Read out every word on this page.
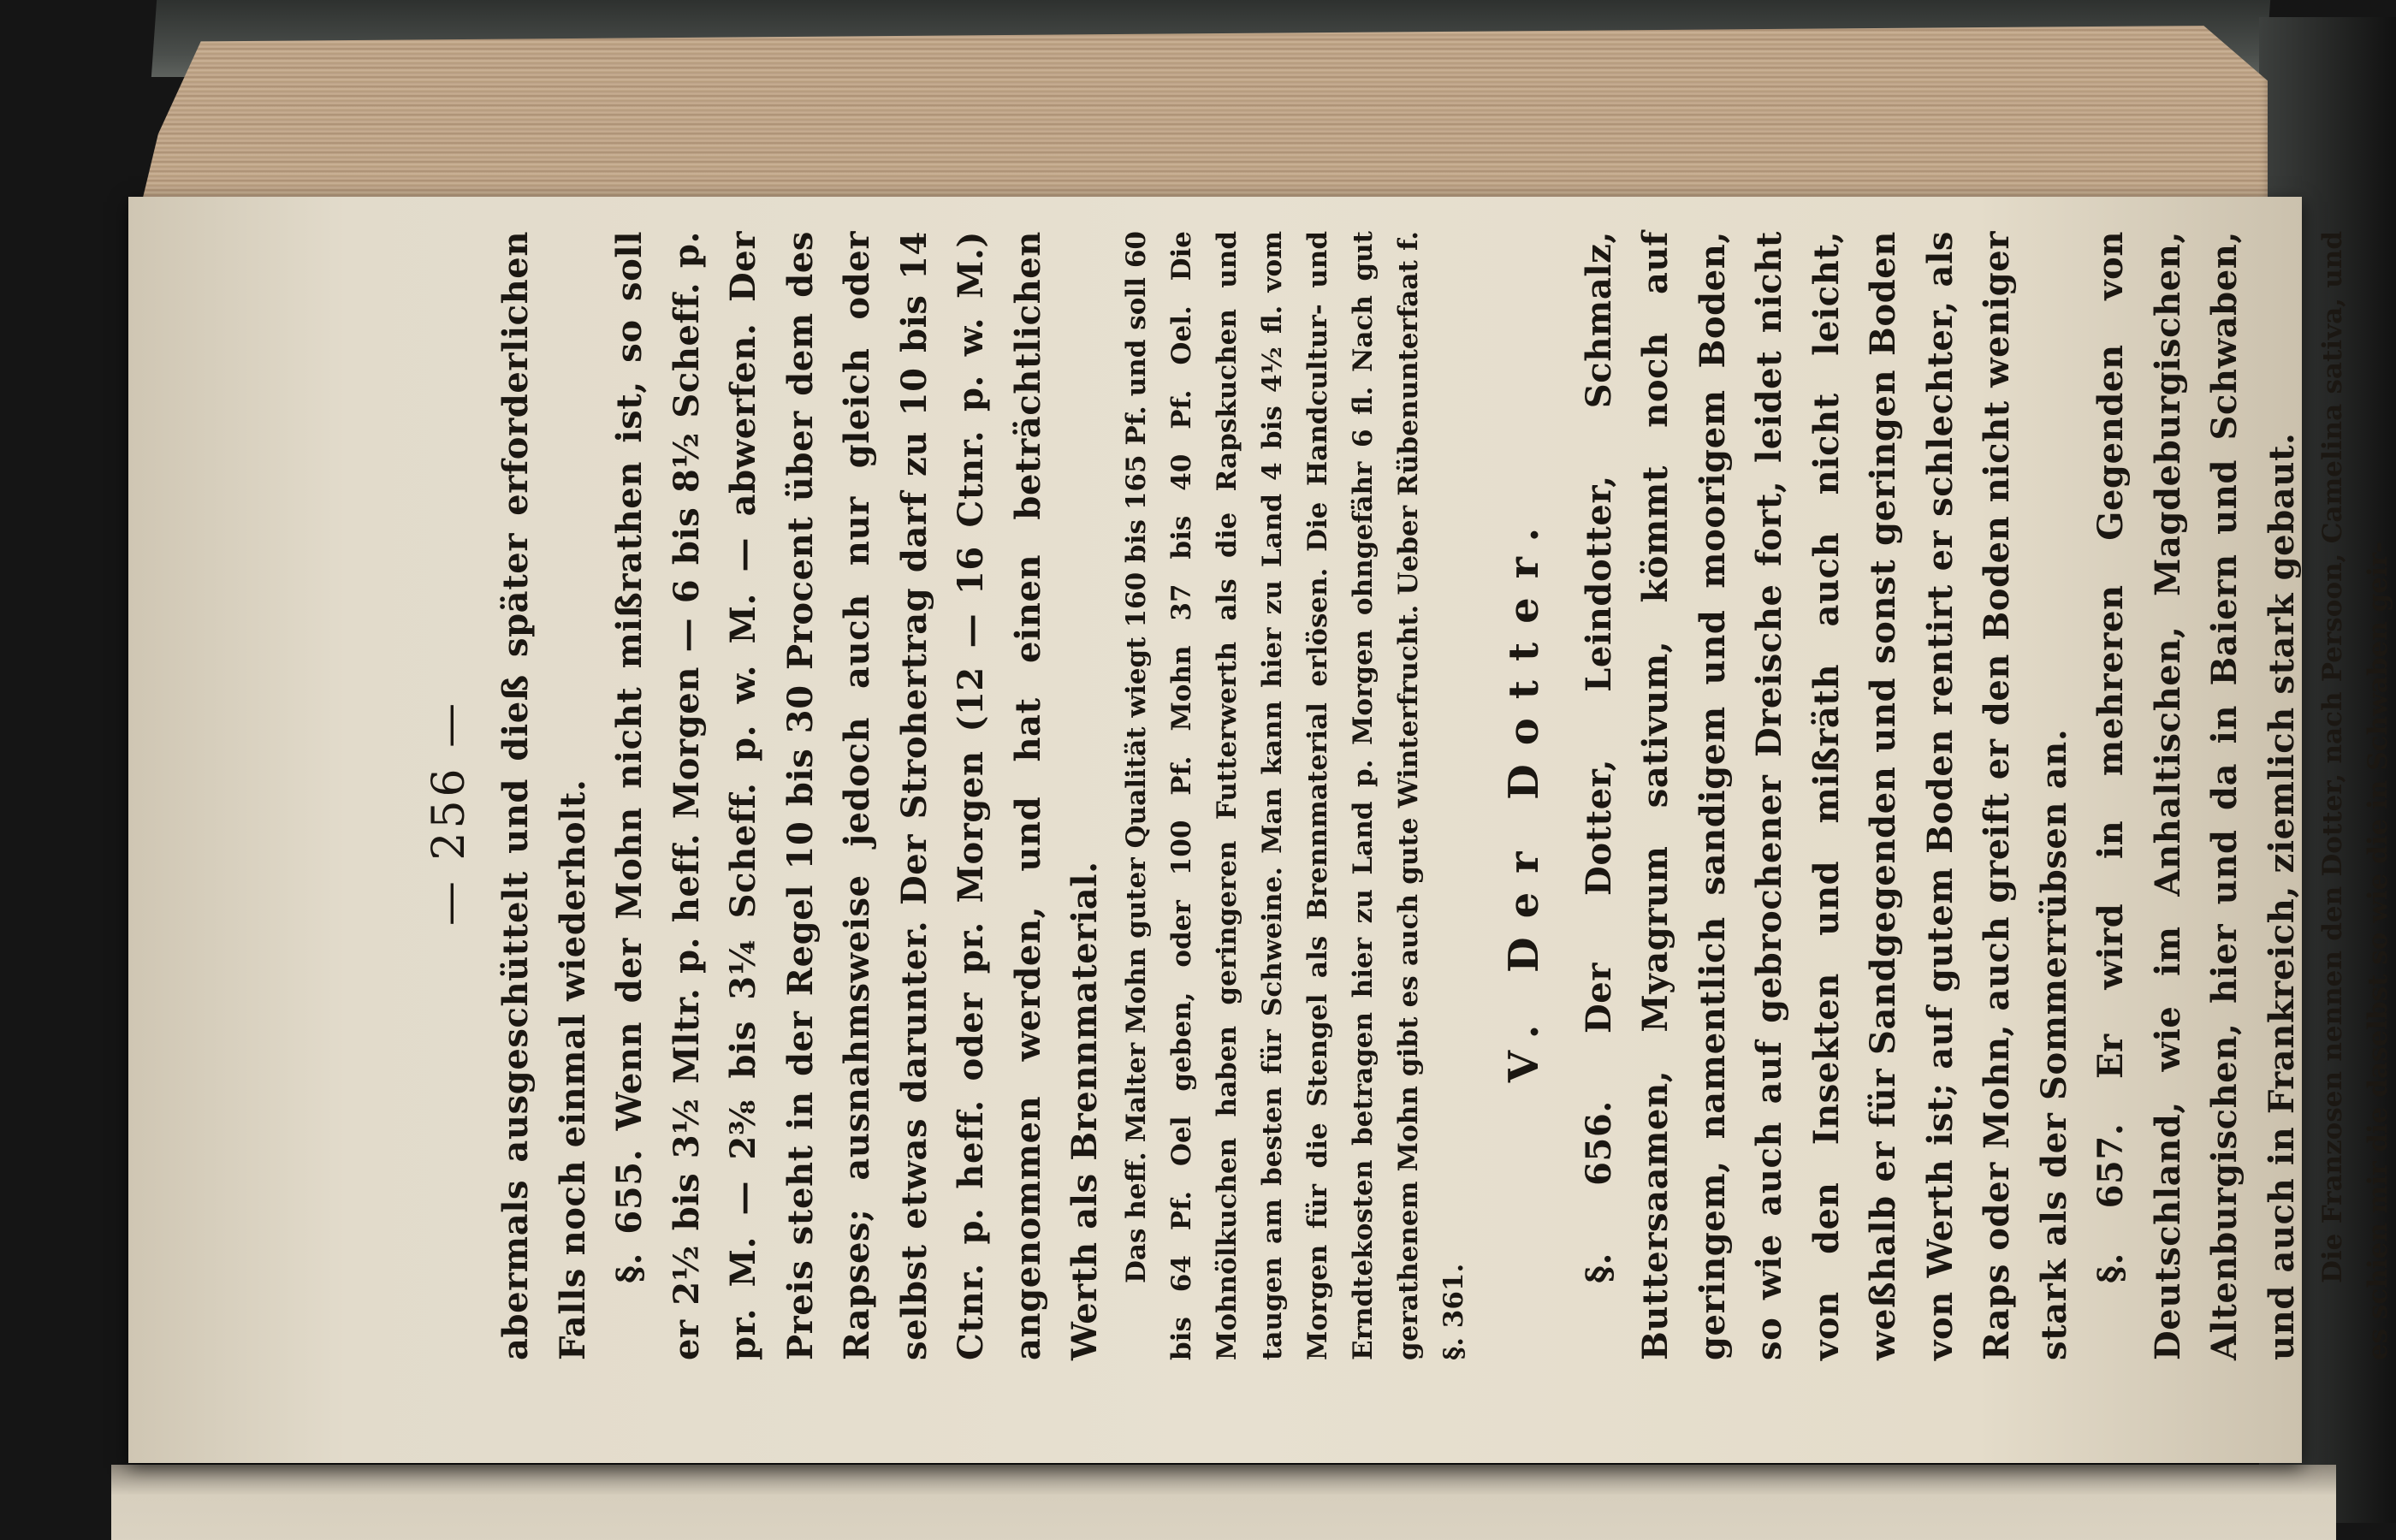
— 256 — abermals ausgeschüttelt und dieß später erforderlichen Falls noch einmal wiederholt. §. 655. Wenn der Mohn nicht mißrathen ist, so soll er 2½ bis 3½ Mltr. p. heff. Morgen — 6 bis 8½ Scheff. p. pr. M. — 2⅜ bis 3¼ Scheff. p. w. M. — abwerfen. Der Preis steht in der Regel 10 bis 30 Procent über dem des Rapses; ausnahmsweise jedoch auch nur gleich oder selbst etwas darunter. Der Strohertrag darf zu 10 bis 14 Ctnr. p. heff. oder pr. Morgen (12 — 16 Ctnr. p. w. M.) angenommen werden, und hat einen beträchtlichen Werth als Brennmaterial. Das heff. Malter Mohn guter Qualität wiegt 160 bis 165 Pf. und soll 60 bis 64 Pf. Oel geben, oder 100 Pf. Mohn 37 bis 40 Pf. Oel. Die Mohnölkuchen haben geringeren Futterwerth als die Rapskuchen und taugen am besten für Schweine. Man kann hier zu Land 4 bis 4½ fl. vom Morgen für die Stengel als Brennmaterial erlösen. Die Handcultur- und Erndtekosten betragen hier zu Land p. Morgen ohngefähr 6 fl. Nach gut gerathenem Mohn gibt es auch gute Winterfrucht. Ueber Rübenunterfaat f. §. 361.

V. Der Dotter. §. 656. Der Dotter, Leindotter, Schmalz, Buttersaamen, Myagrum sativum, kömmt noch auf geringem, namentlich sandigem und moorigem Boden, so wie auch auf gebrochener Dreische fort, leidet nicht von den Insekten und mißräth auch nicht leicht, weßhalb er für Sandgegenden und sonst geringen Boden von Werth ist; auf gutem Boden rentirt er schlechter, als Raps oder Mohn, auch greift er den Boden nicht weniger stark als der Sommerrübsen an. §. 657. Er wird in mehreren Gegenden von Deutschland, wie im Anhaltischen, Magdeburgischen, Altenburgischen, hier und da in Baiern und Schwaben, und auch in Frankreich, ziemlich stark gebaut. Die Franzosen nennen den Dotter, nach Persoon, Camelina sativa, und es schien mir die daselbst so wie die in Schwaben geir-
